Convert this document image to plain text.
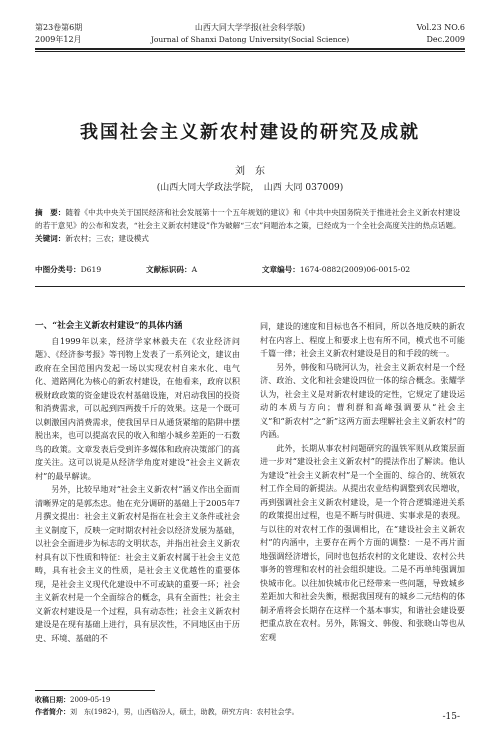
第23卷第6期
2009年12月
山西大同大学学报(社会科学版)
Journal of Shanxi Datong University(Social Science)
Vol.23 NO.6
Dec.2009
我国社会主义新农村建设的研究及成就
刘　东
(山西大同大学政法学院，　山西 大同 037009)
摘　要：随着《中共中央关于国民经济和社会发展第十一个五年规划的建议》和《中共中央国务院关于推进社会主义新农村建设的若干意见》的公布和发表，“社会主义新农村建设”作为破解“三农”问题治本之策，已经成为一个全社会高度关注的热点话题。
关键词：新农村；三农；建设模式
中图分类号：D619	文献标识码：A	文章编号：1674-0882(2009)06-0015-02
一、“社会主义新农村建设”的具体内涵

自1999年以来，经济学家林毅夫在《农业经济问题》、《经济参考报》等刊物上发表了一系列论文，建议由政府在全国范围内发起一场以实现农村自来水化、电气化、道路网化为核心的新农村建设，在他看来，政府以积极财政政策的资金建设农村基础设施，对启动我国的投资和消费需求，可以起到四两拨千斤的效果。这是一个既可以刺激国内消费需求，使我国早日从通货紧缩的陷阱中摆脱出来，也可以提高农民的收入和缩小城乡差距的一石数鸟的政策。文章发表后受到许多媒体和政府决策部门的高度关注。这可以说是从经济学角度对建设“社会主义新农村”的最早解读。

另外，比较早地对“社会主义新农村”涵义作出全面而清晰界定的是郭杰忠。他在充分调研的基础上于2005年7月撰文提出：社会主义新农村是指在社会主义条件或社会主义制度下，反映一定时期农村社会以经济发展为基础，以社会全面进步为标志的文明状态，并指出社会主义新农村具有以下性质和特征：社会主义新农村属于社会主义范畴，具有社会主义的性质，是社会主义优越性的重要体现，是社会主义现代化建设中不可或缺的重要一环；社会主义新农村是一个全面综合的概念，具有全面性；社会主义新农村建设是一个过程，具有动态性；社会主义新农村建设是在现有基础上进行，具有层次性，不同地区由于历史、环境、基础的不

同，建设的速度和目标也各不相同，所以各地反映的新农村在内容上、程度上和要求上也有所不同，模式也不可能千篇一律；社会主义新农村建设是目的和手段的统一。

另外，韩俊和马晓河认为，社会主义新农村是一个经济、政治、文化和社会建设四位一体的综合概念。张耀学认为，社会主义是对新农村建设的定性，它规定了建设运动的本质与方向；曹利群和高峰强调要从“社会主义”和“新农村”之“新”这两方面去理解社会主义新农村”的内涵。

此外，长期从事农村问题研究的温铁军则从政策层面进一步对“建设社会主义新农村”的提法作出了解读。他认为建设“社会主义新农村”是一个全面的、综合的、统领农村工作全局的新提法。从提出农业结构调整到农民增收，再到强调社会主义新农村建设，是一个符合逻辑递进关系的政策提出过程，也是不断与时俱进、实事求是的表现。与以往的对农村工作的强调相比，在“建设社会主义新农村”的内涵中，主要存在两个方面的调整：一是不再片面地强调经济增长，同时也包括农村的文化建设、农村公共事务的管理和农村的社会组织建设。二是不再单纯强调加快城市化。以往加快城市化已经带来一些问题，导致城乡差距加大和社会失衡，根据我国现有的城乡二元结构的体制矛盾将会长期存在这样一个基本事实，和谐社会建设要把重点放在农村。另外，陈锡文、韩俊、和张晓山等也从宏观

收稿日期：2009-05-19
作者简介：刘　东(1982-)，男，山西临汾人，硕士，助教，研究方向：农村社会学。	-15-
